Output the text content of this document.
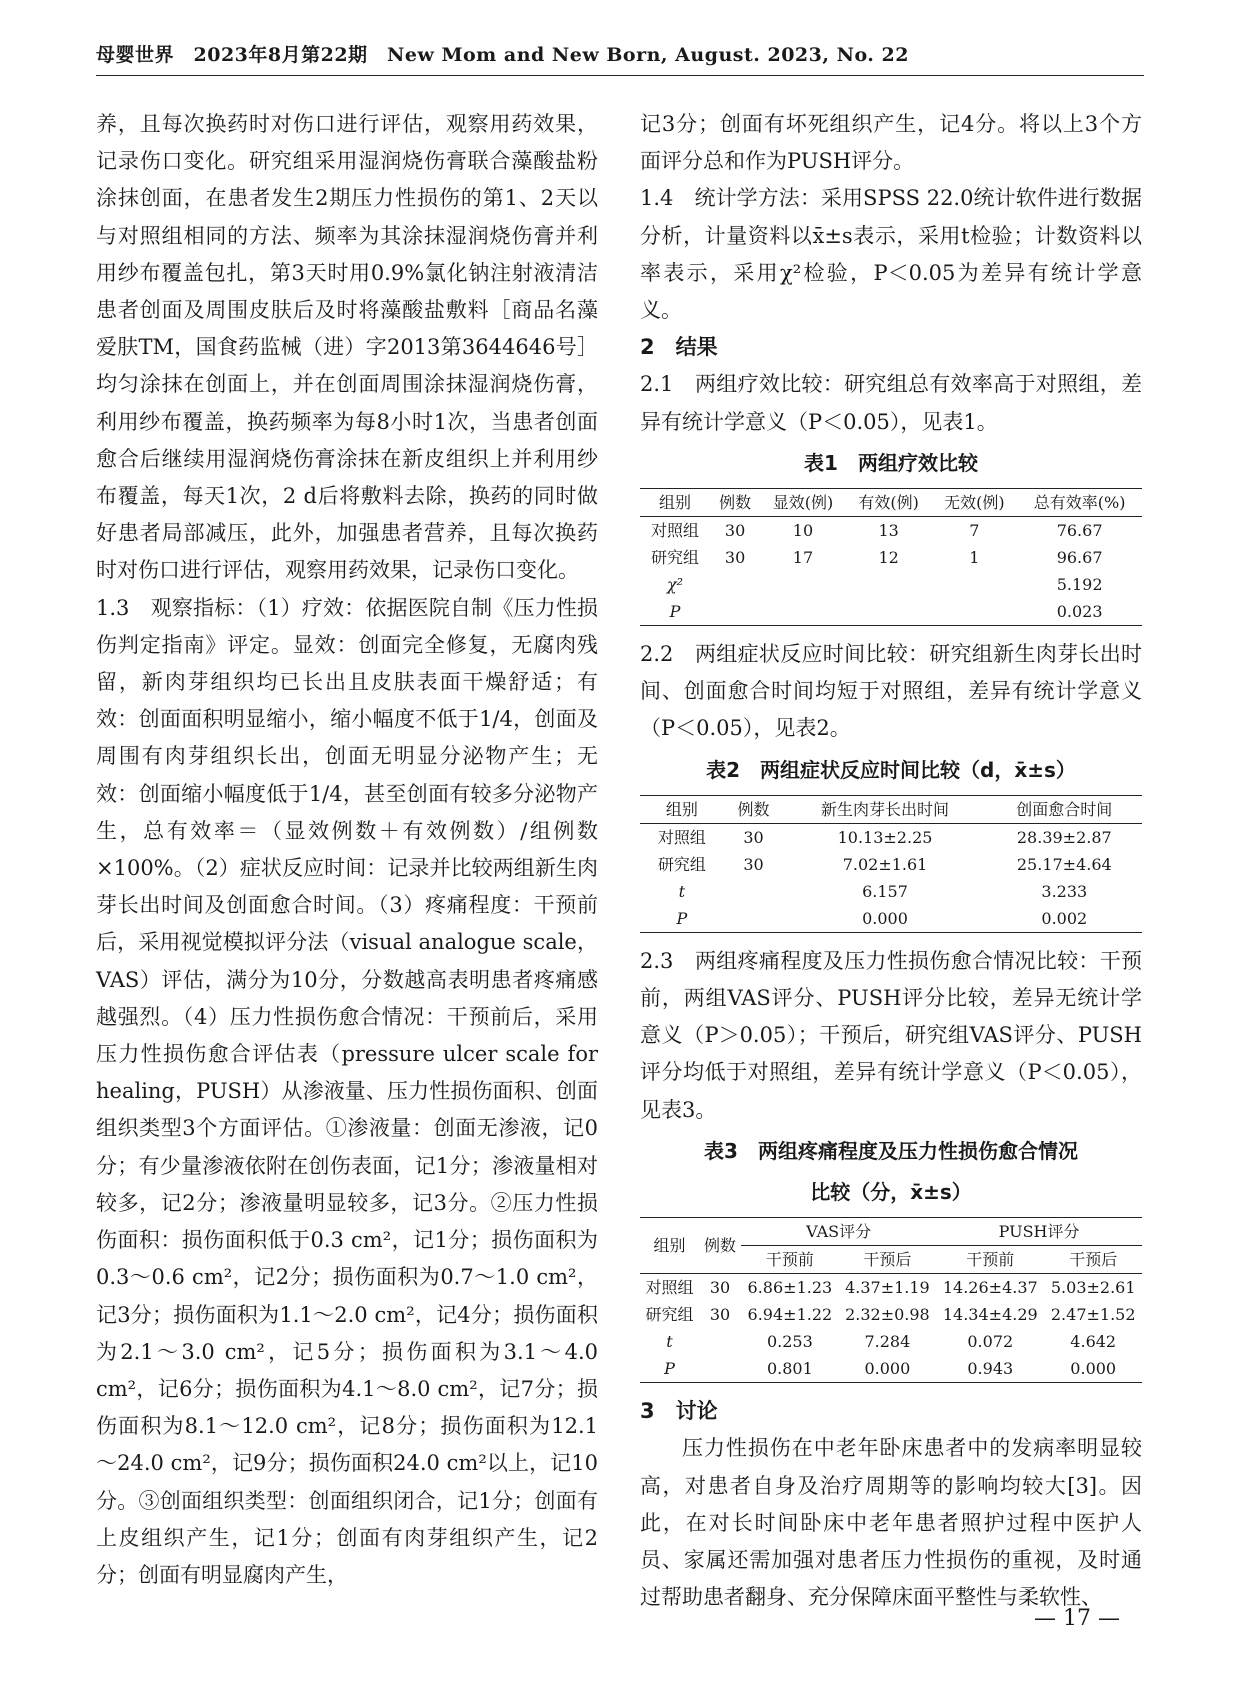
母婴世界　2023年8月第22期　New Mom and New Born, August. 2023, No. 22

养，且每次换药时对伤口进行评估，观察用药效果，记录伤口变化。研究组采用湿润烧伤膏联合藻酸盐粉涂抹创面，在患者发生2期压力性损伤的第1、2天以与对照组相同的方法、频率为其涂抹湿润烧伤膏并利用纱布覆盖包扎，第3天时用0.9%氯化钠注射液清洁患者创面及周围皮肤后及时将藻酸盐敷料［商品名藻爱肤TM，国食药监械（进）字2013第3644646号］均匀涂抹在创面上，并在创面周围涂抹湿润烧伤膏，利用纱布覆盖，换药频率为每8小时1次，当患者创面愈合后继续用湿润烧伤膏涂抹在新皮组织上并利用纱布覆盖，每天1次，2 d后将敷料去除，换药的同时做好患者局部减压，此外，加强患者营养，且每次换药时对伤口进行评估，观察用药效果，记录伤口变化。

1.3　观察指标：（1）疗效：依据医院自制《压力性损伤判定指南》评定。显效：创面完全修复，无腐肉残留，新肉芽组织均已长出且皮肤表面干燥舒适；有效：创面面积明显缩小，缩小幅度不低于1/4，创面及周围有肉芽组织长出，创面无明显分泌物产生；无效：创面缩小幅度低于1/4，甚至创面有较多分泌物产生，总有效率＝（显效例数＋有效例数）/组例数×100%。（2）症状反应时间：记录并比较两组新生肉芽长出时间及创面愈合时间。（3）疼痛程度：干预前后，采用视觉模拟评分法（visual analogue scale，VAS）评估，满分为10分，分数越高表明患者疼痛感越强烈。（4）压力性损伤愈合情况：干预前后，采用压力性损伤愈合评估表（pressure ulcer scale for healing，PUSH）从渗液量、压力性损伤面积、创面组织类型3个方面评估。①渗液量：创面无渗液，记0分；有少量渗液依附在创伤表面，记1分；渗液量相对较多，记2分；渗液量明显较多，记3分。②压力性损伤面积：损伤面积低于0.3 cm²，记1分；损伤面积为0.3～0.6 cm²，记2分；损伤面积为0.7～1.0 cm²，记3分；损伤面积为1.1～2.0 cm²，记4分；损伤面积为2.1～3.0 cm²，记5分；损伤面积为3.1～4.0 cm²，记6分；损伤面积为4.1～8.0 cm²，记7分；损伤面积为8.1～12.0 cm²，记8分；损伤面积为12.1～24.0 cm²，记9分；损伤面积24.0 cm²以上，记10分。③创面组织类型：创面组织闭合，记1分；创面有上皮组织产生，记1分；创面有肉芽组织产生，记2分；创面有明显腐肉产生，

记3分；创面有坏死组织产生，记4分。将以上3个方面评分总和作为PUSH评分。

1.4　统计学方法：采用SPSS 22.0统计软件进行数据分析，计量资料以x̄±s表示，采用t检验；计数资料以率表示，采用χ²检验，P＜0.05为差异有统计学意义。

2　结果

2.1　两组疗效比较：研究组总有效率高于对照组，差异有统计学意义（P＜0.05），见表1。

表1　两组疗效比较
组别	例数	显效(例)	有效(例)	无效(例)	总有效率(%)
对照组	30	10	13	7	76.67
研究组	30	17	12	1	96.67
χ²					5.192
P					0.023

2.2　两组症状反应时间比较：研究组新生肉芽长出时间、创面愈合时间均短于对照组，差异有统计学意义（P＜0.05），见表2。

表2　两组症状反应时间比较（d，x̄±s）
组别	例数	新生肉芽长出时间	创面愈合时间
对照组	30	10.13±2.25	28.39±2.87
研究组	30	7.02±1.61	25.17±4.64
t		6.157	3.233
P		0.000	0.002

2.3　两组疼痛程度及压力性损伤愈合情况比较：干预前，两组VAS评分、PUSH评分比较，差异无统计学意义（P＞0.05）；干预后，研究组VAS评分、PUSH评分均低于对照组，差异有统计学意义（P＜0.05），见表3。

表3　两组疼痛程度及压力性损伤愈合情况
比较（分，x̄±s）
组别	例数	VAS评分		PUSH评分	
		干预前	干预后	干预前	干预后
对照组	30	6.86±1.23	4.37±1.19	14.26±4.37	5.03±2.61
研究组	30	6.94±1.22	2.32±0.98	14.34±4.29	2.47±1.52
t		0.253	7.284	0.072	4.642
P		0.801	0.000	0.943	0.000

3　讨论

压力性损伤在中老年卧床患者中的发病率明显较高，对患者自身及治疗周期等的影响均较大[3]。因此，在对长时间卧床中老年患者照护过程中医护人员、家属还需加强对患者压力性损伤的重视，及时通过帮助患者翻身、充分保障床面平整性与柔软性、

— 17 —
